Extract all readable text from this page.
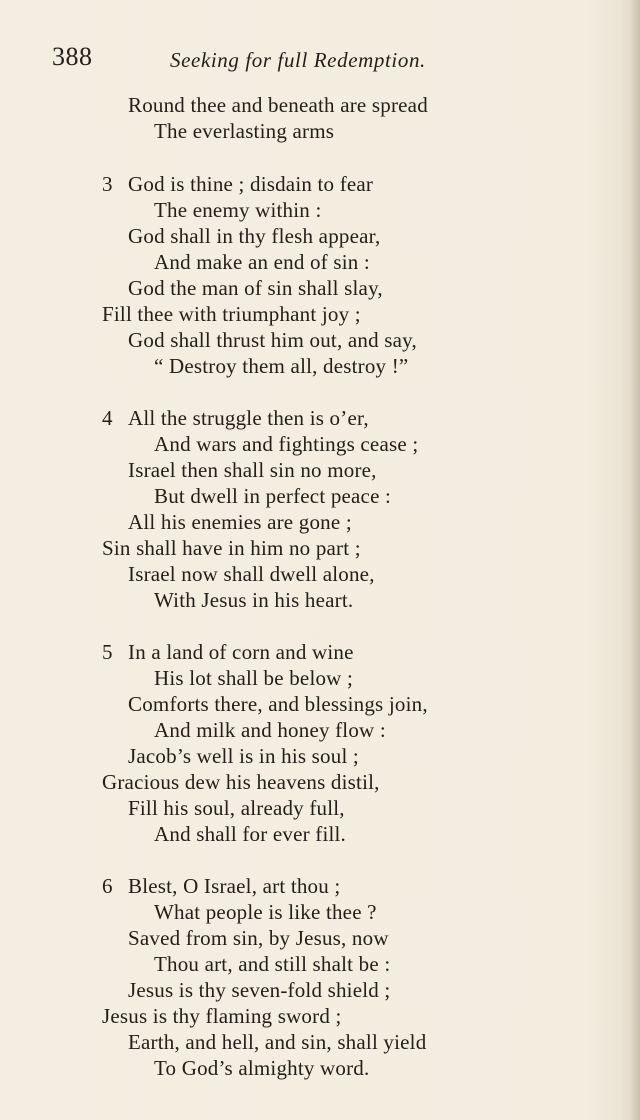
388	Seeking for full Redemption.
Round thee and beneath are spread
The everlasting arms
3 God is thine ; disdain to fear
The enemy within :
God shall in thy flesh appear,
And make an end of sin :
God the man of sin shall slay,
Fill thee with triumphant joy ;
God shall thrust him out, and say,
“ Destroy them all, destroy !”
4 All the struggle then is o’er,
And wars and fightings cease ;
Israel then shall sin no more,
But dwell in perfect peace :
All his enemies are gone ;
Sin shall have in him no part ;
Israel now shall dwell alone,
With Jesus in his heart.
5 In a land of corn and wine
His lot shall be below ;
Comforts there, and blessings join,
And milk and honey flow :
Jacob’s well is in his soul ;
Gracious dew his heavens distil,
Fill his soul, already full,
And shall for ever fill.
6 Blest, O Israel, art thou ;
What people is like thee ?
Saved from sin, by Jesus, now
Thou art, and still shalt be :
Jesus is thy seven-fold shield ;
Jesus is thy flaming sword ;
Earth, and hell, and sin, shall yield
To God’s almighty word.
